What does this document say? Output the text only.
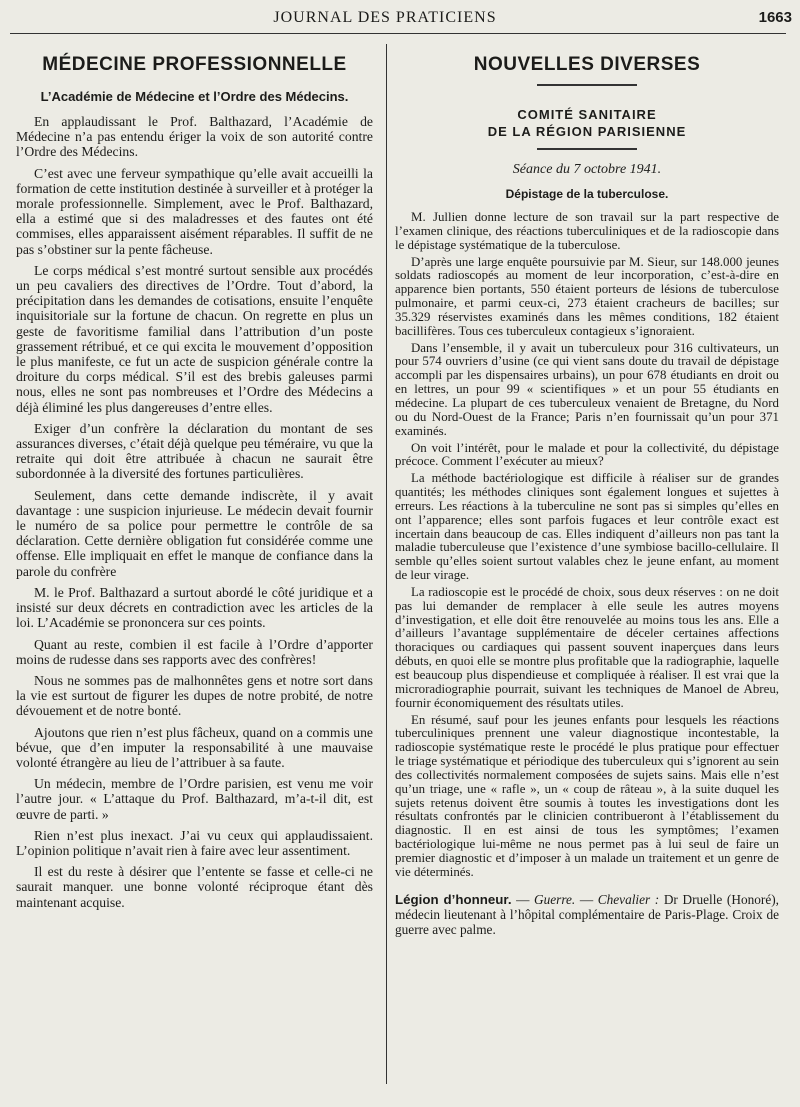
JOURNAL DES PRATICIENS	1663
MÉDECINE PROFESSIONNELLE
L’Académie de Médecine et l’Ordre des Médecins.

En applaudissant le Prof. Balthazard, l’Académie de Médecine n’a pas entendu ériger la voix de son autorité contre l’Ordre des Médecins.

C’est avec une ferveur sympathique qu’elle avait accueilli la formation de cette institution destinée à surveiller et à protéger la morale professionnelle. Simplement, avec le Prof. Balthazard, ella a estimé que si des maladresses et des fautes ont été commises, elles apparaissent aisément réparables. Il suffit de ne pas s’obstiner sur la pente fâcheuse.

Le corps médical s’est montré surtout sensible aux procédés un peu cavaliers des directives de l’Ordre. Tout d’abord, la précipitation dans les demandes de cotisations, ensuite l’enquête inquisitoriale sur la fortune de chacun. On regrette en plus un geste de favoritisme familial dans l’attribution d’un poste grassement rétribué, et ce qui excita le mouvement d’opposition le plus manifeste, ce fut un acte de suspicion générale contre la droiture du corps médical. S’il est des brebis galeuses parmi nous, elles ne sont pas nombreuses et l’Ordre des Médecins a déjà éliminé les plus dangereuses d’entre elles.

Exiger d’un confrère la déclaration du montant de ses assurances diverses, c’était déjà quelque peu téméraire, vu que la retraite qui doit être attribuée à chacun ne saurait être subordonnée à la diversité des fortunes particulières.

Seulement, dans cette demande indiscrète, il y avait davantage : une suspicion injurieuse. Le médecin devait fournir le numéro de sa police pour permettre le contrôle de sa déclaration. Cette dernière obligation fut considérée comme une offense. Elle impliquait en effet le manque de confiance dans la parole du confrère

M. le Prof. Balthazard a surtout abordé le côté juridique et a insisté sur deux décrets en contradiction avec les articles de la loi. L’Académie se prononcera sur ces points.

Quant au reste, combien il est facile à l’Ordre d’apporter moins de rudesse dans ses rapports avec des confrères!

Nous ne sommes pas de malhonnêtes gens et notre sort dans la vie est surtout de figurer les dupes de notre probité, de notre dévouement et de notre bonté.

Ajoutons que rien n’est plus fâcheux, quand on a commis une bévue, que d’en imputer la responsabilité à une mauvaise volonté étrangère au lieu de l’attribuer à sa faute.

Un médecin, membre de l’Ordre parisien, est venu me voir l’autre jour. « L’attaque du Prof. Balthazard, m’a-t-il dit, est œuvre de parti. »

Rien n’est plus inexact. J’ai vu ceux qui applaudissaient. L’opinion politique n’avait rien à faire avec leur assentiment.

Il est du reste à désirer que l’entente se fasse et celle-ci ne saurait manquer. une bonne volonté réciproque étant dès maintenant acquise.

NOUVELLES DIVERSES
COMITÉ SANITAIRE
DE LA RÉGION PARISIENNE
Séance du 7 octobre 1941.
Dépistage de la tuberculose.

M. Jullien donne lecture de son travail sur la part respective de l’examen clinique, des réactions tuberculiniques et de la radioscopie dans le dépistage systématique de la tuberculose.

D’après une large enquête poursuivie par M. Sieur, sur 148.000 jeunes soldats radioscopés au moment de leur incorporation, c’est-à-dire en apparence bien portants, 550 étaient porteurs de lésions de tuberculose pulmonaire, et parmi ceux-ci, 273 étaient cracheurs de bacilles; sur 35.329 réservistes examinés dans les mêmes conditions, 182 étaient bacillifères. Tous ces tuberculeux contagieux s’ignoraient.

Dans l’ensemble, il y avait un tuberculeux pour 316 cultivateurs, un pour 574 ouvriers d’usine (ce qui vient sans doute du travail de dépistage accompli par les dispensaires urbains), un pour 678 étudiants en droit ou en lettres, un pour 99 « scientifiques » et un pour 55 étudiants en médecine. La plupart de ces tuberculeux venaient de Bretagne, du Nord ou du Nord-Ouest de la France; Paris n’en fournissait qu’un pour 371 examinés.

On voit l’intérêt, pour le malade et pour la collectivité, du dépistage précoce. Comment l’exécuter au mieux?

La méthode bactériologique est difficile à réaliser sur de grandes quantités; les méthodes cliniques sont également longues et sujettes à erreurs. Les réactions à la tuberculine ne sont pas si simples qu’elles en ont l’apparence; elles sont parfois fugaces et leur contrôle exact est incertain dans beaucoup de cas. Elles indiquent d’ailleurs non pas tant la maladie tuberculeuse que l’existence d’une symbiose bacillo-cellulaire. Il semble qu’elles soient surtout valables chez le jeune enfant, au moment de leur virage.

La radioscopie est le procédé de choix, sous deux réserves : on ne doit pas lui demander de remplacer à elle seule les autres moyens d’investigation, et elle doit être renouvelée au moins tous les ans. Elle a d’ailleurs l’avantage supplémentaire de déceler certaines affections thoraciques ou cardiaques qui passent souvent inaperçues dans leurs débuts, en quoi elle se montre plus profitable que la radiographie, laquelle est beaucoup plus dispendieuse et compliquée à réaliser. Il est vrai que la microradiographie pourrait, suivant les techniques de Manoel de Abreu, fournir économiquement des résultats utiles.

En résumé, sauf pour les jeunes enfants pour lesquels les réactions tuberculiniques prennent une valeur diagnostique incontestable, la radioscopie systématique reste le procédé le plus pratique pour effectuer le triage systématique et périodique des tuberculeux qui s’ignorent au sein des collectivités normalement composées de sujets sains. Mais elle n’est qu’un triage, une « rafle », un « coup de râteau », à la suite duquel les sujets retenus doivent être soumis à toutes les investigations dont les résultats confrontés par le clinicien contribueront à l’établissement du diagnostic. Il en est ainsi de tous les symptômes; l’examen bactériologique lui-même ne nous permet pas à lui seul de faire un premier diagnostic et d’imposer à un malade un traitement et un genre de vie déterminés.

Légion d’honneur. — Guerre. — Chevalier : Dr Druelle (Honoré), médecin lieutenant à l’hôpital complémentaire de Paris-Plage. Croix de guerre avec palme.
